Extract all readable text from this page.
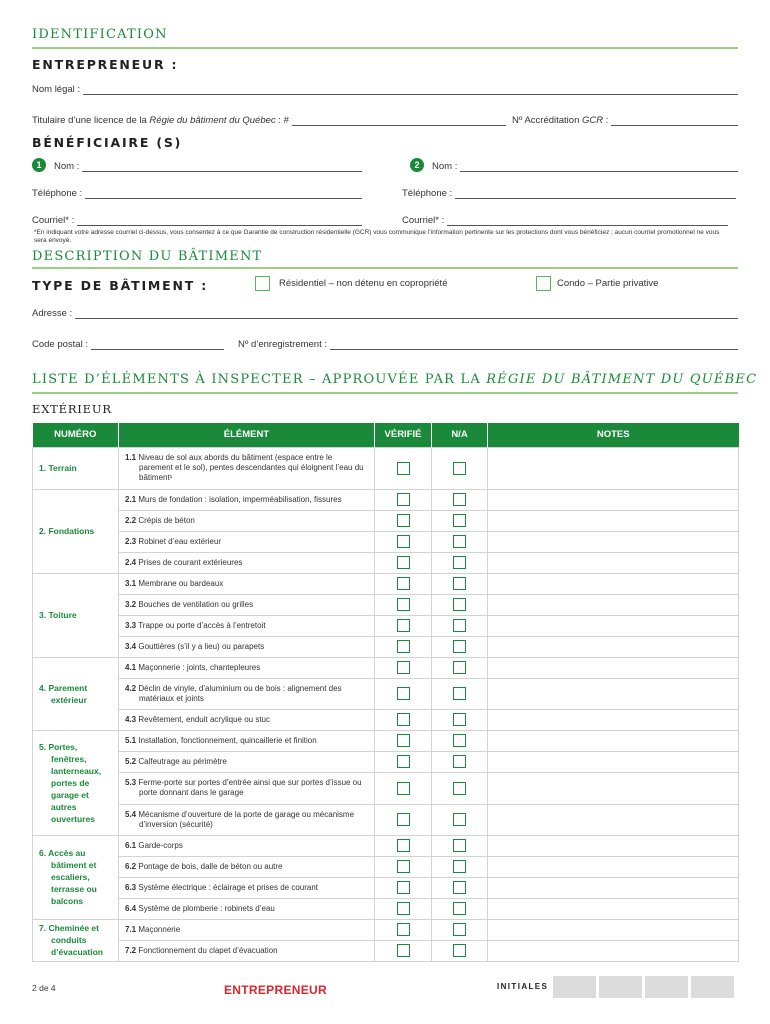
IDENTIFICATION
ENTREPRENEUR :
Nom légal :
Titulaire d’une licence de la Régie du bâtiment du Québec : #	Nº Accréditation GCR :
BÉNÉFICIAIRE (S)
1	Nom :	2	Nom :
Téléphone :	Téléphone :
Courriel* :	Courriel* :
*En indiquant votre adresse courriel ci-dessus, vous consentez à ce que Garantie de construction résidentielle (GCR) vous communique l’information pertinente sur les protections dont vous bénéficiez ; aucun courriel promotionnel ne vous sera envoyé.
DESCRIPTION DU BÂTIMENT
TYPE DE BÂTIMENT :	Résidentiel – non détenu en copropriété	Condo – Partie privative
Adresse :
Code postal :	Nº d’enregistrement :
LISTE D’ÉLÉMENTS À INSPECTER – APPROUVÉE PAR LA RÉGIE DU BÂTIMENT DU QUÉBEC
EXTÉRIEUR
NUMÉRO	ÉLÉMENT	VÉRIFIÉ	N/A	NOTES
1. Terrain	1.1 Niveau de sol aux abords du bâtiment (espace entre le parement et le sol), pentes descendantes qui éloignent l’eau du bâtiment¹			

2. Fondations	2.1 Murs de fondation : isolation, imperméabilisation, fissures			
	2.2 Crépis de béton			
	2.3 Robinet d’eau extérieur			
	2.4 Prises de courant extérieures			
3. Toiture	3.1 Membrane ou bardeaux			
	3.2 Bouches de ventilation ou grilles			
	3.3 Trappe ou porte d’accès à l’entretoit			
	3.4 Gouttières (s’il y a lieu) ou parapets			

4. Parement extérieur	4.1 Maçonnerie : joints, chantepleures			

	4.2 Déclin de vinyle, d’aluminium ou de bois : alignement des matériaux et joints			

	4.3 Revêtement, enduit acrylique ou stuc			

5. Portes, fenêtres, lanterneaux, portes de garage et autres ouvertures	5.1 Installation, fonctionnement, quincaillerie et finition			
	5.2 Calfeutrage au périmètre			

	5.3 Ferme-porte sur portes d’entrée ainsi que sur portes d’issue ou porte donnant dans le garage			

	5.4 Mécanisme d’ouverture de la porte de garage ou mécanisme d’inversion (sécurité)			

6. Accès au bâtiment et escaliers, terrasse ou balcons	6.1 Garde-corps			
	6.2 Pontage de bois, dalle de béton ou autre			
	6.3 Système électrique : éclairage et prises de courant			
	6.4 Système de plomberie : robinets d’eau			

7. Cheminée et conduits d’évacuation	7.1 Maçonnerie			
	7.2 Fonctionnement du clapet d’évacuation			
2 de 4	ENTREPRENEUR	INITIALES
